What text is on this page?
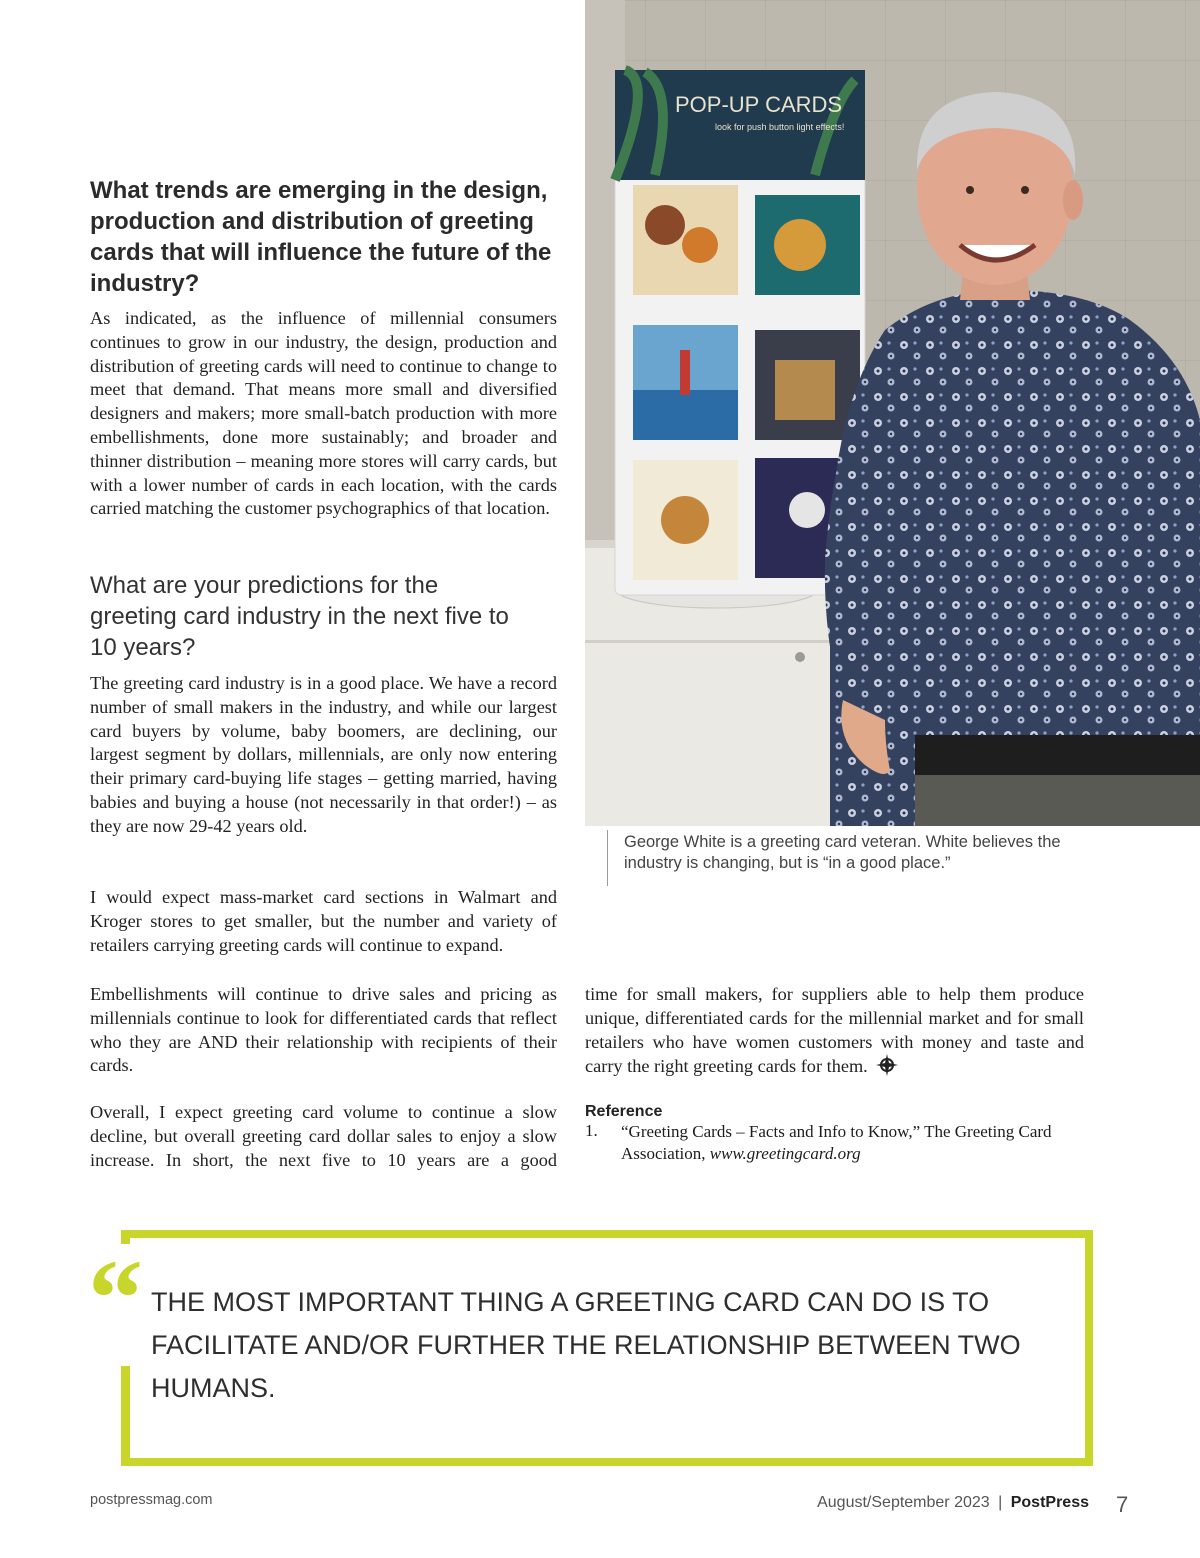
What trends are emerging in the design, production and distribution of greeting cards that will influence the future of the industry?

As indicated, as the influence of millennial consumers continues to grow in our industry, the design, production and distribution of greeting cards will need to continue to change to meet that demand. That means more small and diversified designers and makers; more small-batch production with more embellishments, done more sustainably; and broader and thinner distribution – meaning more stores will carry cards, but with a lower number of cards in each location, with the cards carried matching the customer psychographics of that location.

What are your predictions for the greeting card industry in the next five to 10 years?

The greeting card industry is in a good place. We have a record number of small makers in the industry, and while our largest card buyers by volume, baby boomers, are declining, our largest segment by dollars, millennials, are only now entering their primary card-buying life stages – getting married, having babies and buying a house (not necessarily in that order!) – as they are now 29-42 years old.

I would expect mass-market card sections in Walmart and Kroger stores to get smaller, but the number and variety of retailers carrying greeting cards will continue to expand.

Embellishments will continue to drive sales and pricing as millennials continue to look for differentiated cards that reflect who they are AND their relationship with recipients of their cards.

Overall, I expect greeting card volume to continue a slow decline, but overall greeting card dollar sales to enjoy a slow increase. In short, the next five to 10 years are a good

time for small makers, for suppliers able to help them produce unique, differentiated cards for the millennial market and for small retailers who have women customers with money and taste and carry the right greeting cards for them.

POP-UP CARDS
look for push button light effects!
George White is a greeting card veteran. White believes the industry is changing, but is “in a good place.”
Reference
1. “Greeting Cards – Facts and Info to Know,” The Greeting Card Association, www.greetingcard.org
“ THE MOST IMPORTANT THING A GREETING CARD CAN DO IS TO FACILITATE AND/OR FURTHER THE RELATIONSHIP BETWEEN TWO HUMANS.
postpressmag.com	August/September 2023 | PostPress 7
